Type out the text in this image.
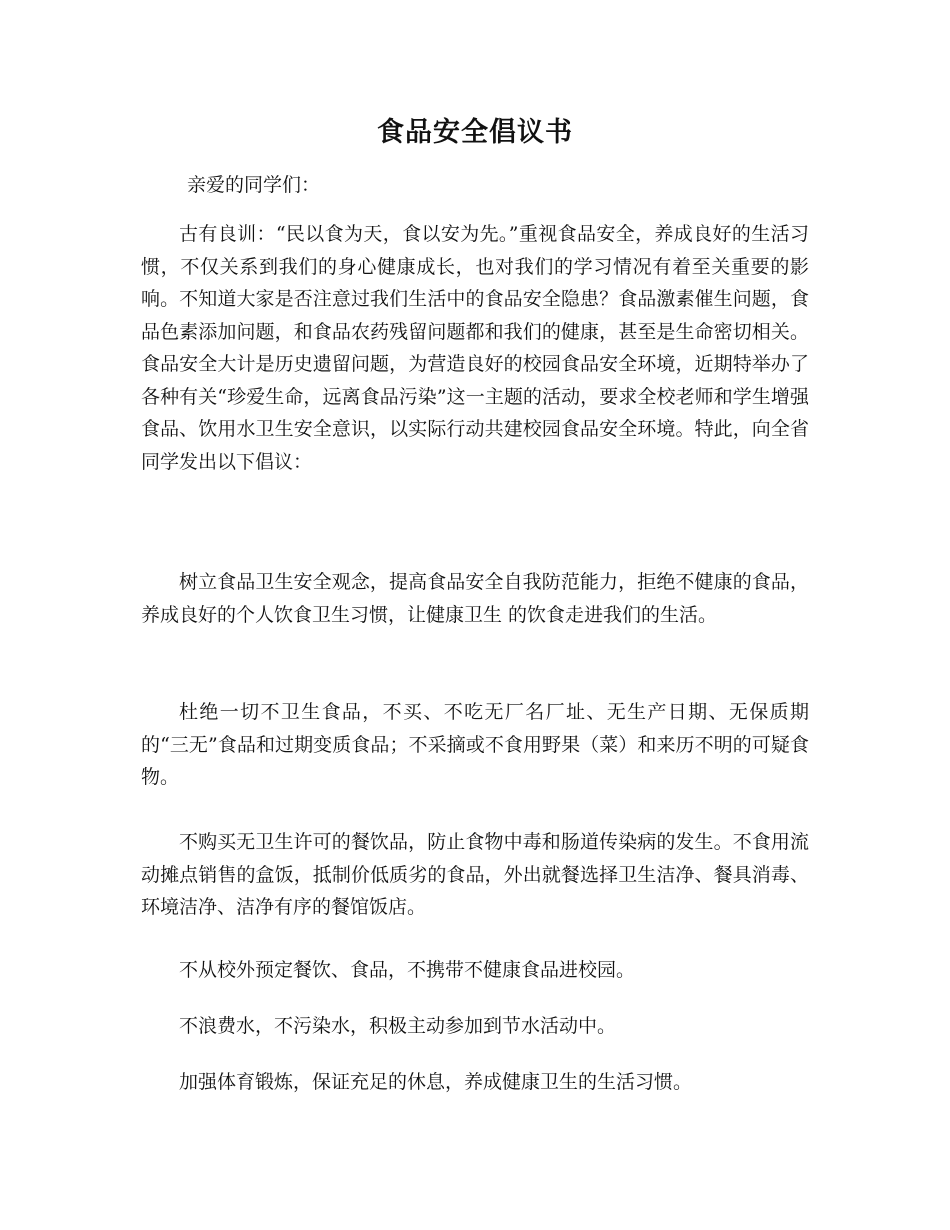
食品安全倡议书

亲爱的同学们：

古有良训：“民以食为天，食以安为先。”重视食品安全，养成良好的生活习惯，不仅关系到我们的身心健康成长，也对我们的学习情况有着至关重要的影响。不知道大家是否注意过我们生活中的食品安全隐患？食品激素催生问题，食品色素添加问题，和食品农药残留问题都和我们的健康，甚至是生命密切相关。食品安全大计是历史遗留问题，为营造良好的校园食品安全环境，近期特举办了各种有关“珍爱生命，远离食品污染”这一主题的活动，要求全校老师和学生增强食品、饮用水卫生安全意识，以实际行动共建校园食品安全环境。特此，向全省同学发出以下倡议：

树立食品卫生安全观念，提高食品安全自我防范能力，拒绝不健康的食品，养成良好的个人饮食卫生习惯，让健康卫生 的饮食走进我们的生活。

杜绝一切不卫生食品，不买、不吃无厂名厂址、无生产日期、无保质期的“三无”食品和过期变质食品；不采摘或不食用野果（菜）和来历不明的可疑食物。

不购买无卫生许可的餐饮品，防止食物中毒和肠道传染病的发生。不食用流动摊点销售的盒饭，抵制价低质劣的食品，外出就餐选择卫生洁净、餐具消毒、环境洁净、洁净有序的餐馆饭店。

不从校外预定餐饮、食品，不携带不健康食品进校园。

不浪费水，不污染水，积极主动参加到节水活动中。

加强体育锻炼，保证充足的休息，养成健康卫生的生活习惯。
